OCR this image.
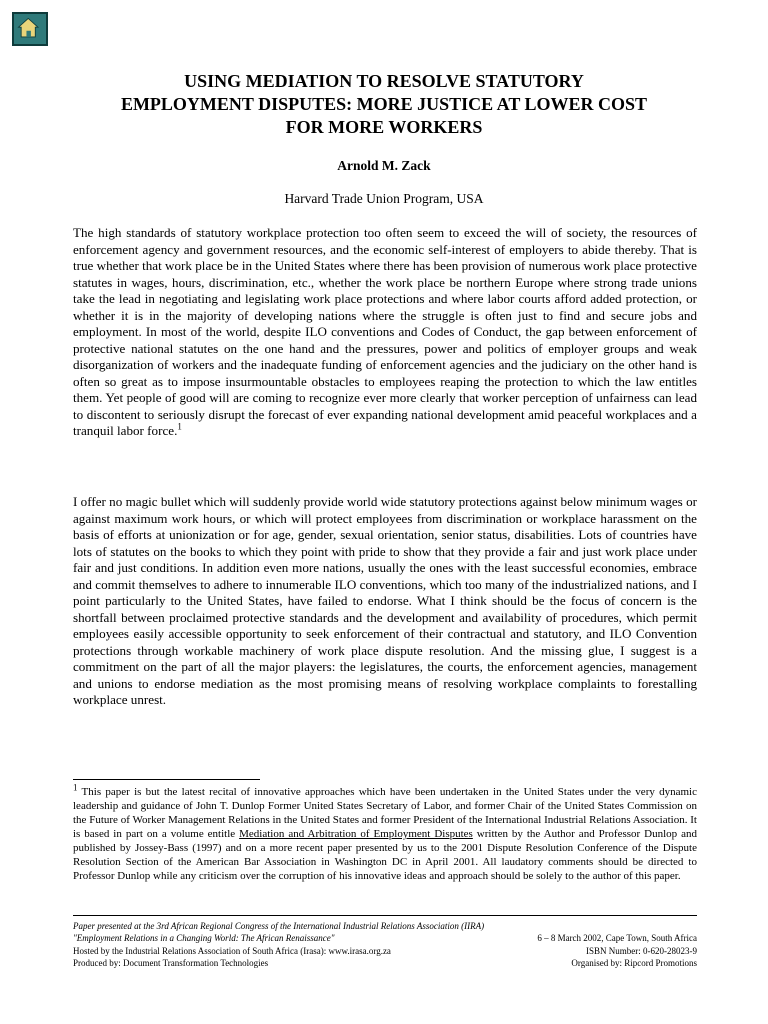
USING MEDIATION TO RESOLVE STATUTORY
EMPLOYMENT DISPUTES: MORE JUSTICE AT LOWER COST
FOR MORE WORKERS

Arnold M. Zack

Harvard Trade Union Program, USA

The high standards of statutory workplace protection too often seem to exceed the will of society, the resources of enforcement agency and government resources, and the economic self-interest of employers to abide thereby. That is true whether that work place be in the United States where there has been provision of numerous work place protective statutes in wages, hours, discrimination, etc., whether the work place be northern Europe where strong trade unions take the lead in negotiating and legislating work place protections and where labor courts afford added protection, or whether it is in the majority of developing nations where the struggle is often just to find and secure jobs and employment. In most of the world, despite ILO conventions and Codes of Conduct, the gap between enforcement of protective national statutes on the one hand and the pressures, power and politics of employer groups and weak disorganization of workers and the inadequate funding of enforcement agencies and the judiciary on the other hand is often so great as to impose insurmountable obstacles to employees reaping the protection to which the law entitles them. Yet people of good will are coming to recognize ever more clearly that worker perception of unfairness can lead to discontent to seriously disrupt the forecast of ever expanding national development amid peaceful workplaces and a tranquil labor force.$^1$

I offer no magic bullet which will suddenly provide world wide statutory protections against below minimum wages or against maximum work hours, or which will protect employees from discrimination or workplace harassment on the basis of efforts at unionization or for age, gender, sexual orientation, senior status, disabilities. Lots of countries have lots of statutes on the books to which they point with pride to show that they provide a fair and just work place under fair and just conditions. In addition even more nations, usually the ones with the least successful economies, embrace and commit themselves to adhere to innumerable ILO conventions, which too many of the industrialized nations, and I point particularly to the United States, have failed to endorse. What I think should be the focus of concern is the shortfall between proclaimed protective standards and the development and availability of procedures, which permit employees easily accessible opportunity to seek enforcement of their contractual and statutory, and ILO Convention protections through workable machinery of work place dispute resolution. And the missing glue, I suggest is a commitment on the part of all the major players: the legislatures, the courts, the enforcement agencies, management and unions to endorse mediation as the most promising means of resolving workplace complaints to forestalling workplace unrest.

$^1$ This paper is but the latest recital of innovative approaches which have been undertaken in the United States under the very dynamic leadership and guidance of John T. Dunlop Former United States Secretary of Labor, and former Chair of the United States Commission on the Future of Worker Management Relations in the United States and former President of the International Industrial Relations Association. It is based in part on a volume entitle Mediation and Arbitration of Employment Disputes written by the Author and Professor Dunlop and published by Jossey-Bass (1997) and on a more recent paper presented by us to the 2001 Dispute Resolution Conference of the Dispute Resolution Section of the American Bar Association in Washington DC in April 2001. All laudatory comments should be directed to Professor Dunlop while any criticism over the corruption of his innovative ideas and approach should be solely to the author of this paper.

Paper presented at the 3rd African Regional Congress of the International Industrial Relations Association (IIRA)
"Employment Relations in a Changing World: The African Renaissance"	6 – 8 March 2002, Cape Town, South Africa
Hosted by the Industrial Relations Association of South Africa (Irasa): www.irasa.org.za	ISBN Number: 0-620-28023-9
Produced by: Document Transformation Technologies	Organised by: Ripcord Promotions
